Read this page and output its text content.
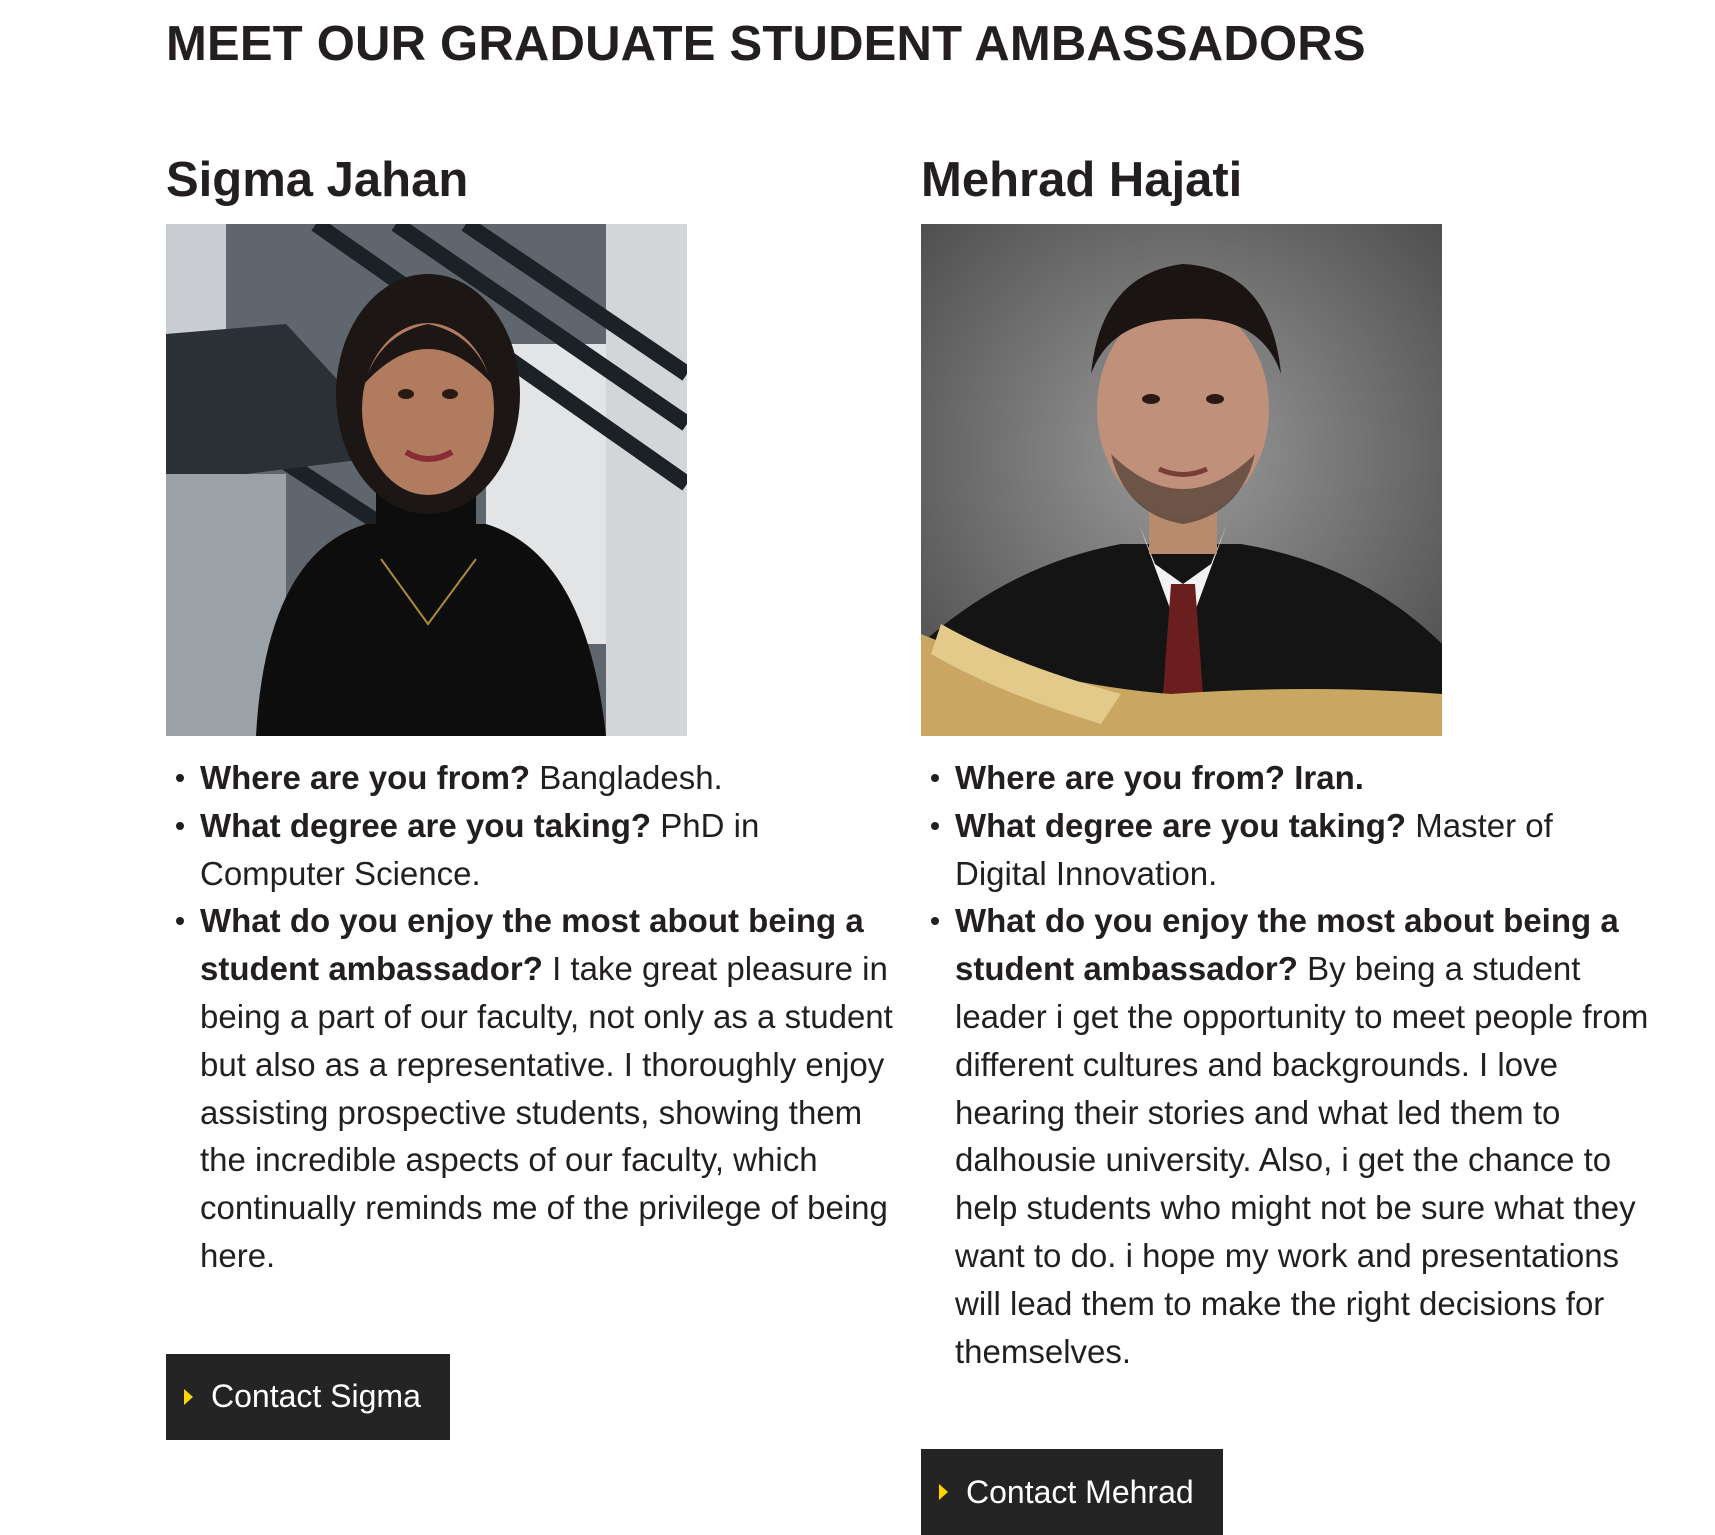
MEET OUR GRADUATE STUDENT AMBASSADORS
Sigma Jahan
Where are you from? Bangladesh.
What degree are you taking? PhD in Computer Science.
What do you enjoy the most about being a student ambassador? I take great pleasure in being a part of our faculty, not only as a student but also as a representative. I thoroughly enjoy assisting prospective students, showing them the incredible aspects of our faculty, which continually reminds me of the privilege of being here.
Contact Sigma
Mehrad Hajati
Where are you from? Iran.
What degree are you taking? Master of Digital Innovation.
What do you enjoy the most about being a student ambassador? By being a student leader i get the opportunity to meet people from different cultures and backgrounds. I love hearing their stories and what led them to dalhousie university. Also, i get the chance to help students who might not be sure what they want to do. i hope my work and presentations will lead them to make the right decisions for themselves.
Contact Mehrad
